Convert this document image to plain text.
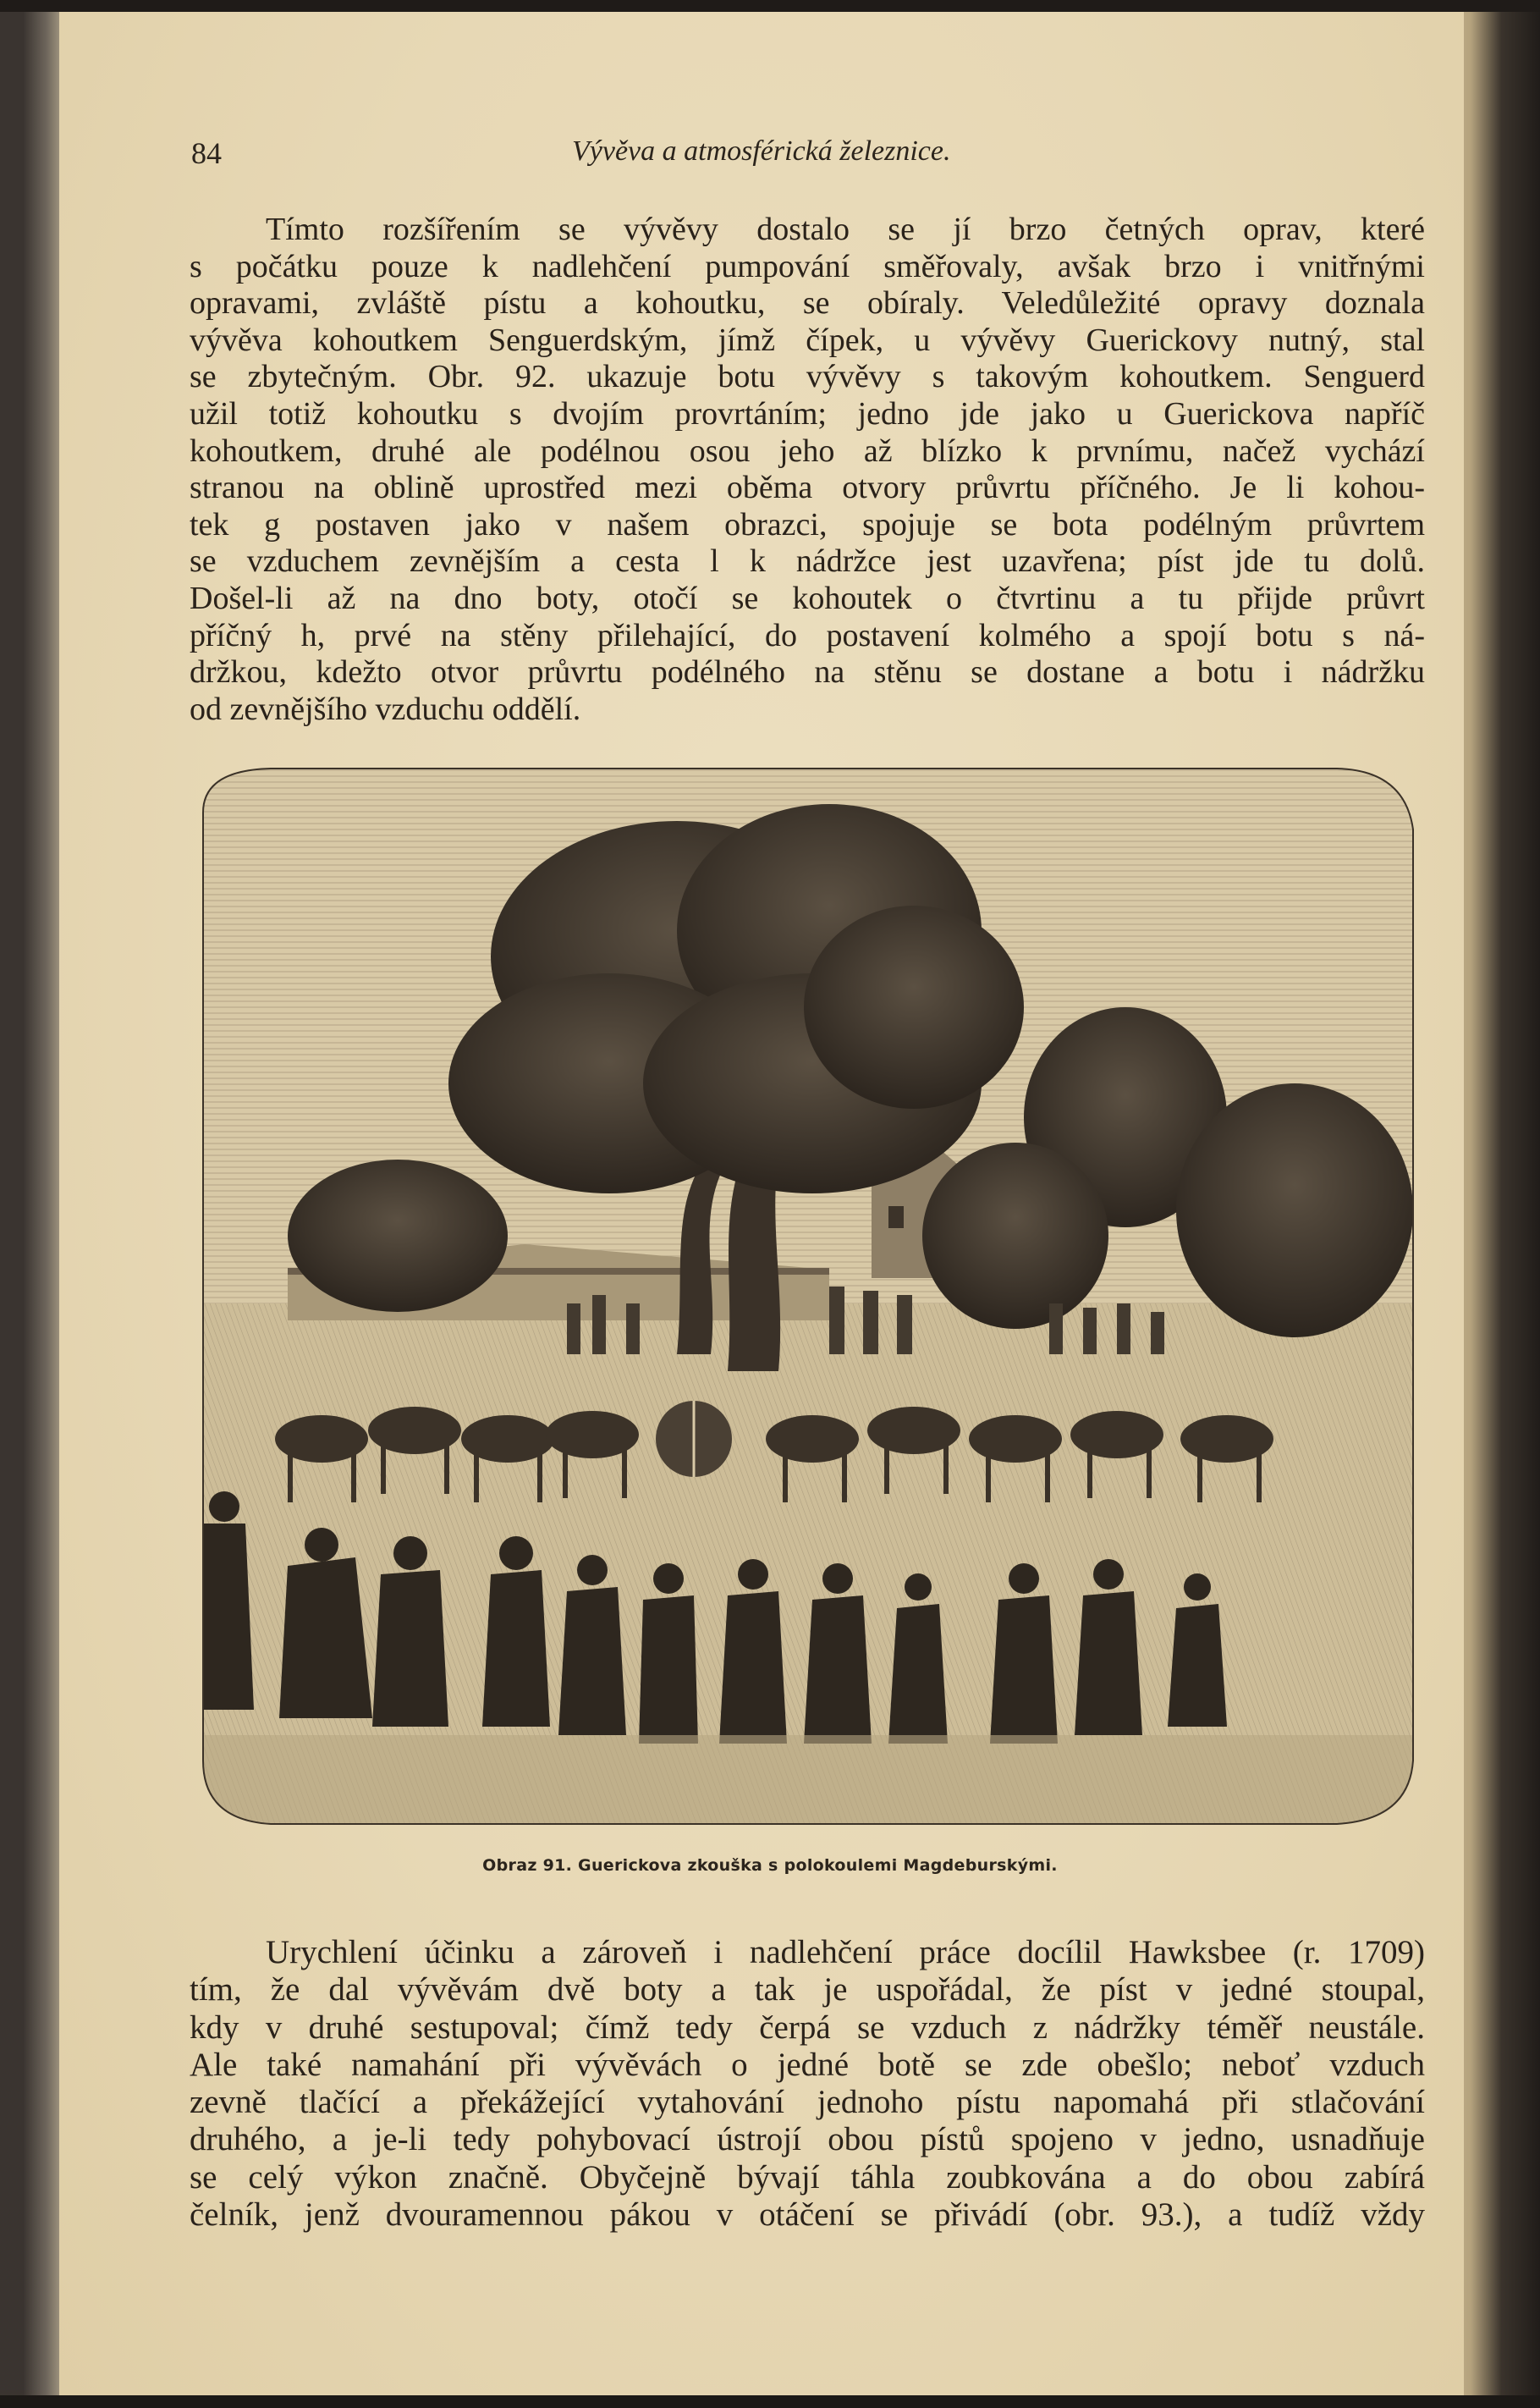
84	Vývěva a atmosférická železnice.
Tímto rozšířením se vývěvy dostalo se jí brzo četných oprav, které
s počátku pouze k nadlehčení pumpování směřovaly, avšak brzo i vnitřnými
opravami, zvláště pístu a kohoutku, se obíraly. Veledůležité opravy doznala
vývěva kohoutkem Senguerdským, jímž čípek, u vývěvy Guerickovy nutný, stal
se zbytečným. Obr. 92. ukazuje botu vývěvy s takovým kohoutkem. Senguerd
užil totiž kohoutku s dvojím provrtáním; jedno jde jako u Guerickova napříč
kohoutkem, druhé ale podélnou osou jeho až blízko k prvnímu, načež vychází
stranou na oblině uprostřed mezi oběma otvory průvrtu příčného. Je li kohou-
tek g postaven jako v našem obrazci, spojuje se bota podélným průvrtem
se vzduchem zevnějším a cesta l k nádržce jest uzavřena; píst jde tu dolů.
Došel-li až na dno boty, otočí se kohoutek o čtvrtinu a tu přijde průvrt
příčný h, prvé na stěny přilehající, do postavení kolmého a spojí botu s ná-
držkou, kdežto otvor průvrtu podélného na stěnu se dostane a botu i nádržku
od zevnějšího vzduchu oddělí.
Obraz 91. Guerickova zkouška s polokoulemi Magdeburskými.
Urychlení účinku a zároveň i nadlehčení práce docílil Hawksbee (r. 1709)
tím, že dal vývěvám dvě boty a tak je uspořádal, že píst v jedné stoupal,
kdy v druhé sestupoval; čímž tedy čerpá se vzduch z nádržky téměř neustále.
Ale také namahání při vývěvách o jedné botě se zde obešlo; neboť vzduch
zevně tlačící a překážející vytahování jednoho pístu napomahá při stlačování
druhého, a je-li tedy pohybovací ústrojí obou pístů spojeno v jedno, usnadňuje
se celý výkon značně. Obyčejně bývají táhla zoubkována a do obou zabírá
čelník, jenž dvouramennou pákou v otáčení se přivádí (obr. 93.), a tudíž vždy
